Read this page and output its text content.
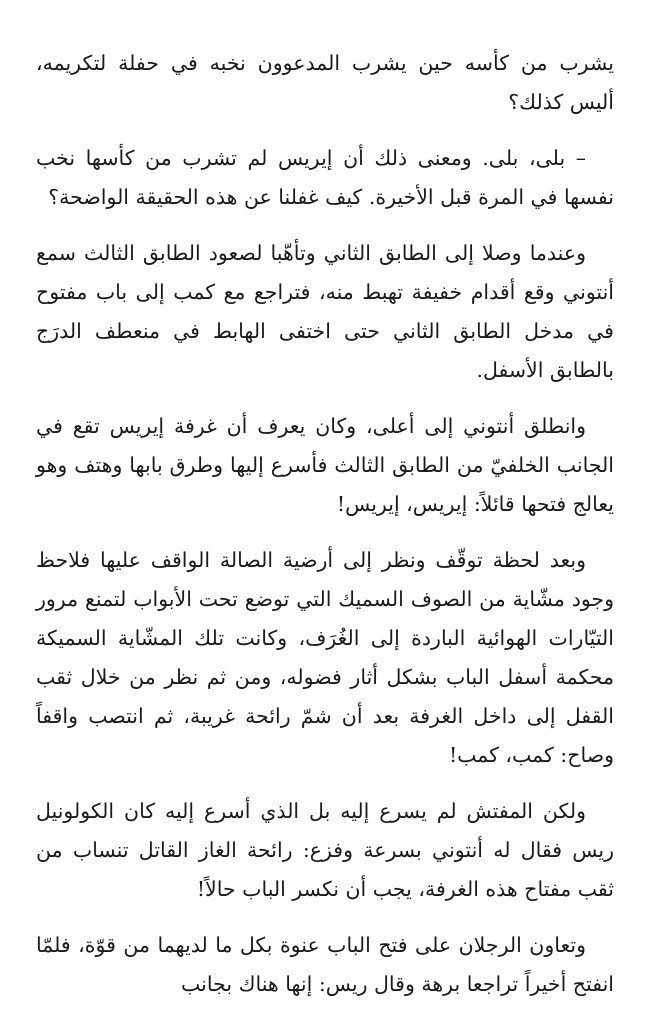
يشرب من كأسه حين يشرب المدعوون نخبه في حفلة لتكريمه، أليس كذلك؟

– بلى، بلى. ومعنى ذلك أن إيريس لم تشرب من كأسها نخب نفسها في المرة قبل الأخيرة. كيف غفلنا عن هذه الحقيقة الواضحة؟

وعندما وصلا إلى الطابق الثاني وتأهّبا لصعود الطابق الثالث سمع أنتوني وقع أقدام خفيفة تهبط منه، فتراجع مع كمب إلى باب مفتوح في مدخل الطابق الثاني حتى اختفى الهابط في منعطف الدرَج بالطابق الأسفل.

وانطلق أنتوني إلى أعلى، وكان يعرف أن غرفة إيريس تقع في الجانب الخلفيّ من الطابق الثالث فأسرع إليها وطرق بابها وهتف وهو يعالج فتحها قائلاً: إيريس، إيريس!

وبعد لحظة توقّف ونظر إلى أرضية الصالة الواقف عليها فلاحظ وجود مشّاية من الصوف السميك التي توضع تحت الأبواب لتمنع مرور التيّارات الهوائية الباردة إلى الغُرَف، وكانت تلك المشّاية السميكة محكمة أسفل الباب بشكل أثار فضوله، ومن ثم نظر من خلال ثقب القفل إلى داخل الغرفة بعد أن شمّ رائحة غريبة، ثم انتصب واقفاً وصاح: كمب، كمب!

ولكن المفتش لم يسرع إليه بل الذي أسرع إليه كان الكولونيل ريس فقال له أنتوني بسرعة وفزع: رائحة الغاز القاتل تنساب من ثقب مفتاح هذه الغرفة، يجب أن نكسر الباب حالاً!

وتعاون الرجلان على فتح الباب عنوة بكل ما لديهما من قوّة، فلمّا انفتح أخيراً تراجعا برهة وقال ريس: إنها هناك بجانب
